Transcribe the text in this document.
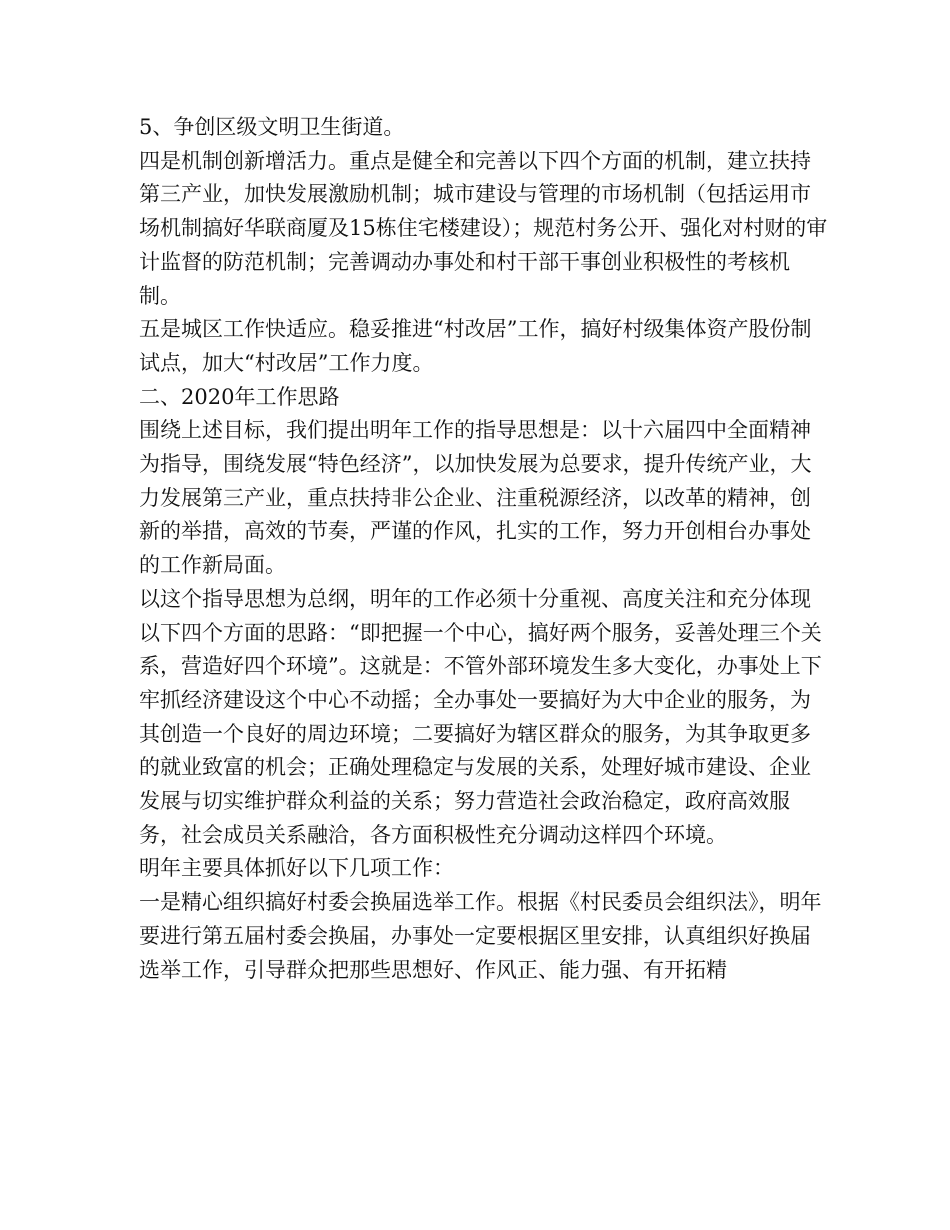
5、争创区级文明卫生街道。

四是机制创新增活力。重点是健全和完善以下四个方面的机制，建立扶持第三产业，加快发展激励机制；城市建设与管理的市场机制（包括运用市场机制搞好华联商厦及15栋住宅楼建设）；规范村务公开、强化对村财的审计监督的防范机制；完善调动办事处和村干部干事创业积极性的考核机制。

五是城区工作快适应。稳妥推进“村改居”工作，搞好村级集体资产股份制试点，加大“村改居”工作力度。

二、2020年工作思路

围绕上述目标，我们提出明年工作的指导思想是：以十六届四中全面精神为指导，围绕发展“特色经济”，以加快发展为总要求，提升传统产业，大力发展第三产业，重点扶持非公企业、注重税源经济，以改革的精神，创新的举措，高效的节奏，严谨的作风，扎实的工作，努力开创相台办事处的工作新局面。

以这个指导思想为总纲，明年的工作必须十分重视、高度关注和充分体现以下四个方面的思路：“即把握一个中心，搞好两个服务，妥善处理三个关系，营造好四个环境”。这就是：不管外部环境发生多大变化，办事处上下牢抓经济建设这个中心不动摇；全办事处一要搞好为大中企业的服务，为其创造一个良好的周边环境；二要搞好为辖区群众的服务，为其争取更多的就业致富的机会；正确处理稳定与发展的关系，处理好城市建设、企业发展与切实维护群众利益的关系；努力营造社会政治稳定，政府高效服务，社会成员关系融洽，各方面积极性充分调动这样四个环境。

明年主要具体抓好以下几项工作：

一是精心组织搞好村委会换届选举工作。根据《村民委员会组织法》，明年要进行第五届村委会换届，办事处一定要根据区里安排，认真组织好换届选举工作，引导群众把那些思想好、作风正、能力强、有开拓精
